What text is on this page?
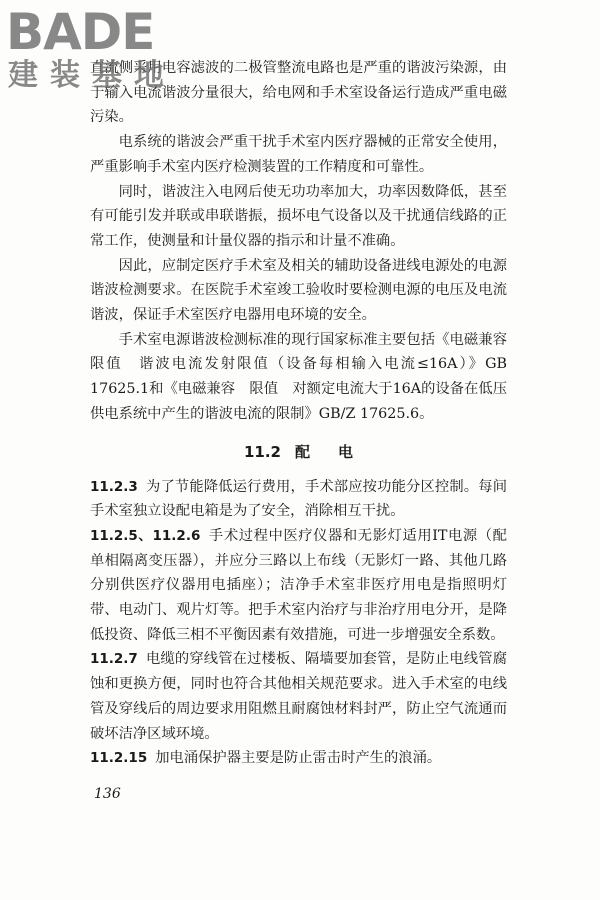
BADE
建装基地

直流侧采用电容滤波的二极管整流电路也是严重的谐波污染源，由于输入电流谐波分量很大，给电网和手术室设备运行造成严重电磁污染。

电系统的谐波会严重干扰手术室内医疗器械的正常安全使用，严重影响手术室内医疗检测装置的工作精度和可靠性。

同时，谐波注入电网后使无功功率加大，功率因数降低，甚至有可能引发并联或串联谐振，损坏电气设备以及干扰通信线路的正常工作，使测量和计量仪器的指示和计量不准确。

因此，应制定医疗手术室及相关的辅助设备进线电源处的电源谐波检测要求。在医院手术室竣工验收时要检测电源的电压及电流谐波，保证手术室医疗电器用电环境的安全。

手术室电源谐波检测标准的现行国家标准主要包括《电磁兼容　限值　谐波电流发射限值（设备每相输入电流≤16A）》GB 17625.1和《电磁兼容　限值　对额定电流大于16A的设备在低压供电系统中产生的谐波电流的限制》GB/Z 17625.6。

11.2 配 电

11.2.3 为了节能降低运行费用，手术部应按功能分区控制。每间手术室独立设配电箱是为了安全，消除相互干扰。

11.2.5、11.2.6 手术过程中医疗仪器和无影灯适用IT电源（配单相隔离变压器），并应分三路以上布线（无影灯一路、其他几路分别供医疗仪器用电插座）；洁净手术室非医疗用电是指照明灯带、电动门、观片灯等。把手术室内治疗与非治疗用电分开，是降低投资、降低三相不平衡因素有效措施，可进一步增强安全系数。

11.2.7 电缆的穿线管在过楼板、隔墙要加套管，是防止电线管腐蚀和更换方便，同时也符合其他相关规范要求。进入手术室的电线管及穿线后的周边要求用阻燃且耐腐蚀材料封严，防止空气流通而破坏洁净区域环境。

11.2.15 加电涌保护器主要是防止雷击时产生的浪涌。

136
